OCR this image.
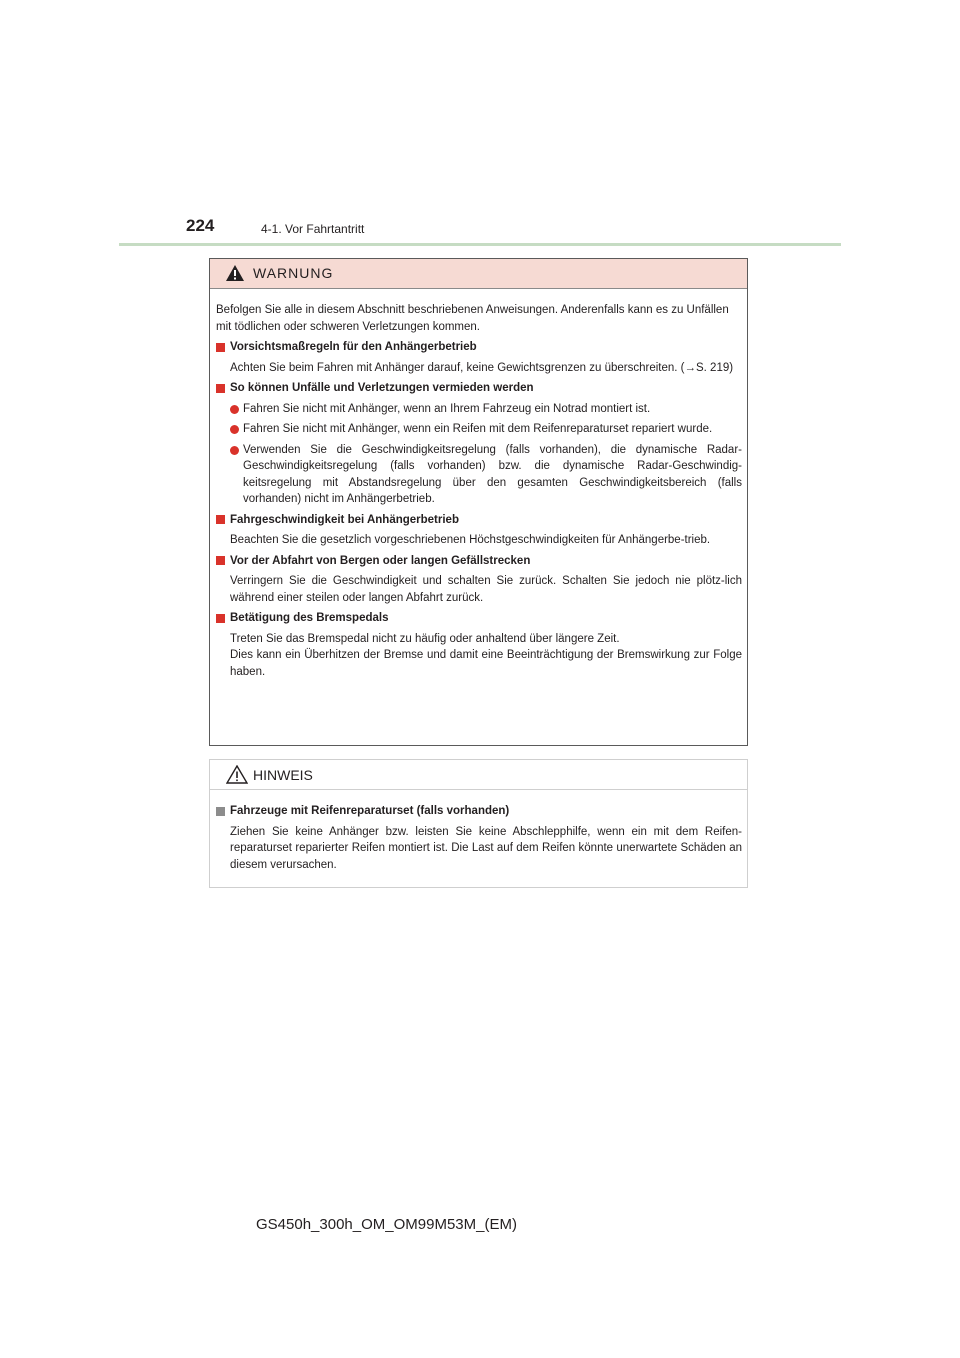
224	4-1. Vor Fahrtantritt
WARNUNG

Befolgen Sie alle in diesem Abschnitt beschriebenen Anweisungen. Anderenfalls kann es zu Unfällen mit tödlichen oder schweren Verletzungen kommen.

Vorsichtsmaßregeln für den Anhängerbetrieb

Achten Sie beim Fahren mit Anhänger darauf, keine Gewichtsgrenzen zu überschreiten. (→S. 219)

So können Unfälle und Verletzungen vermieden werden
Fahren Sie nicht mit Anhänger, wenn an Ihrem Fahrzeug ein Notrad montiert ist.
Fahren Sie nicht mit Anhänger, wenn ein Reifen mit dem Reifenreparaturset repariert wurde.
Verwenden Sie die Geschwindigkeitsregelung (falls vorhanden), die dynamische Radar-Geschwindigkeitsregelung (falls vorhanden) bzw. die dynamische Radar-Geschwindig-keitsregelung mit Abstandsregelung über den gesamten Geschwindigkeitsbereich (falls vorhanden) nicht im Anhängerbetrieb.
Fahrgeschwindigkeit bei Anhängerbetrieb

Beachten Sie die gesetzlich vorgeschriebenen Höchstgeschwindigkeiten für Anhängerbe-trieb.

Vor der Abfahrt von Bergen oder langen Gefällstrecken

Verringern Sie die Geschwindigkeit und schalten Sie zurück. Schalten Sie jedoch nie plötz-lich während einer steilen oder langen Abfahrt zurück.

Betätigung des Bremspedals

Treten Sie das Bremspedal nicht zu häufig oder anhaltend über längere Zeit.

Dies kann ein Überhitzen der Bremse und damit eine Beeinträchtigung der Bremswirkung zur Folge haben.

HINWEIS
Fahrzeuge mit Reifenreparaturset (falls vorhanden)

Ziehen Sie keine Anhänger bzw. leisten Sie keine Abschlepphilfe, wenn ein mit dem Reifen-reparaturset reparierter Reifen montiert ist. Die Last auf dem Reifen könnte unerwartete Schäden an diesem verursachen.

GS450h_300h_OM_OM99M53M_(EM)
